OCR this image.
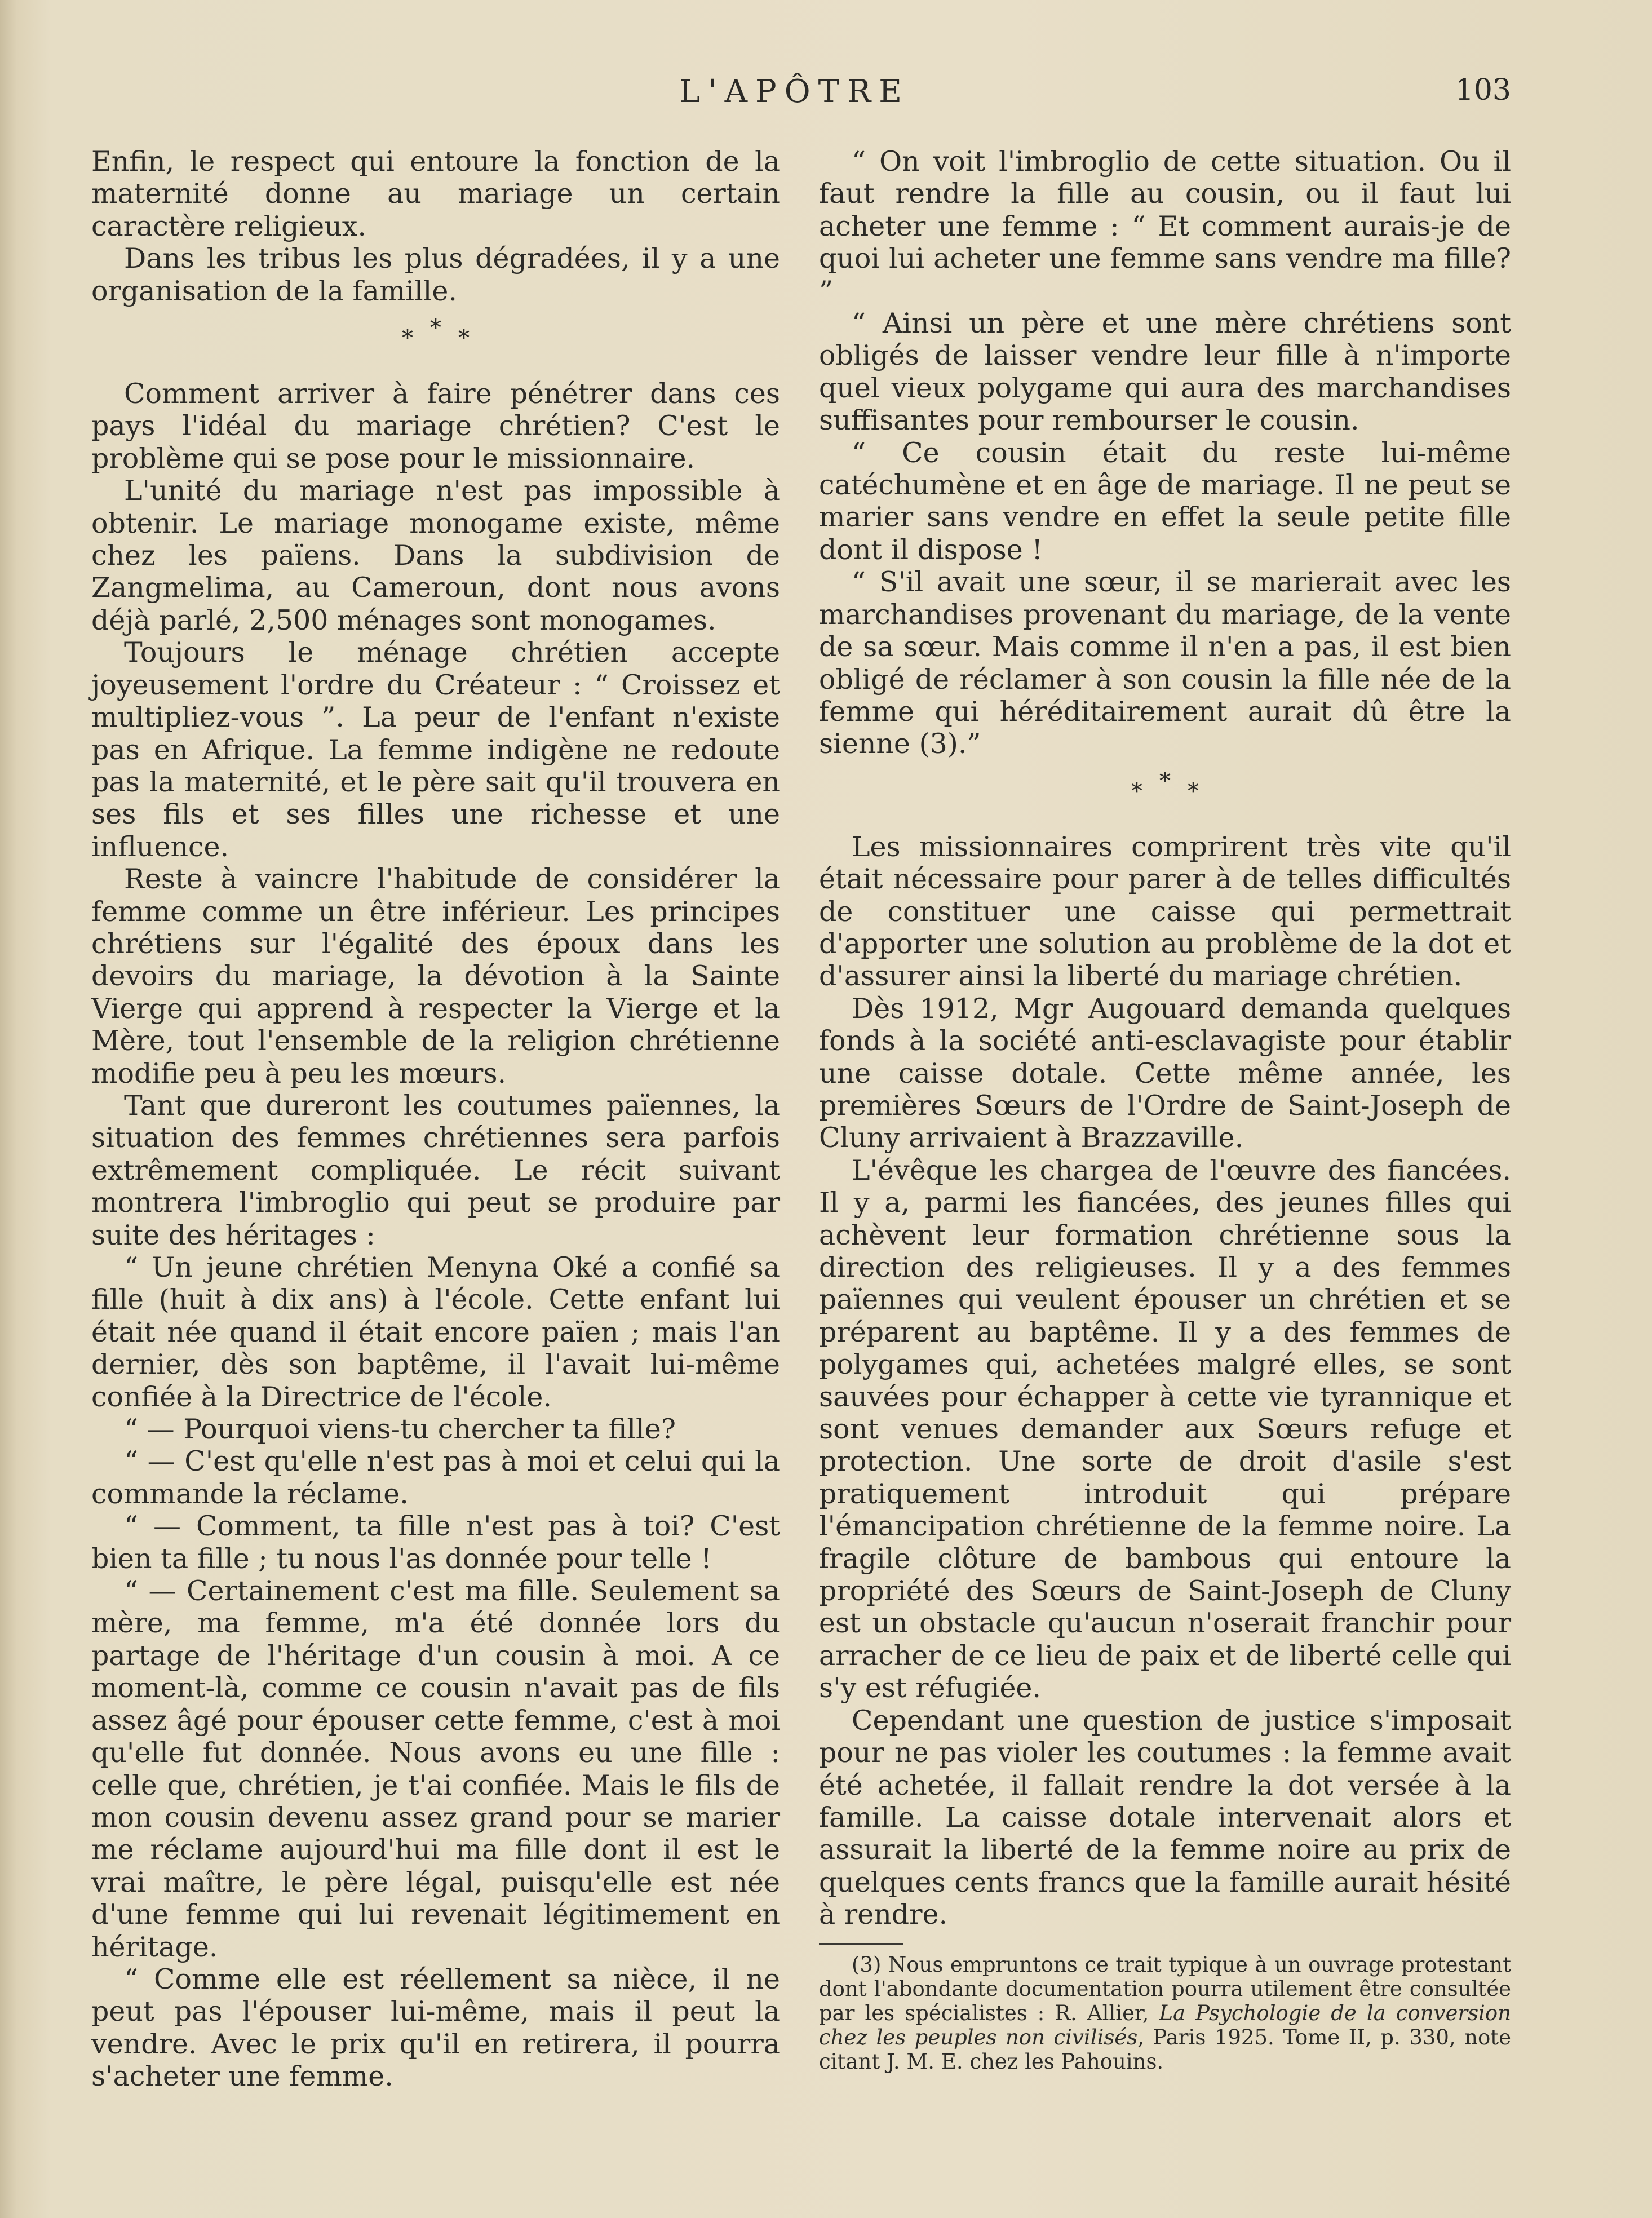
L'APÔTRE	103

Enfin, le respect qui entoure la fonction de la maternité donne au mariage un certain caractère religieux.

Dans les tribus les plus dégradées, il y a une organisation de la famille.

* * *

Comment arriver à faire pénétrer dans ces pays l'idéal du mariage chrétien? C'est le problème qui se pose pour le missionnaire.

L'unité du mariage n'est pas impossible à obtenir. Le mariage monogame existe, même chez les païens. Dans la subdivision de Zangmelima, au Cameroun, dont nous avons déjà parlé, 2,500 ménages sont monogames.

Toujours le ménage chrétien accepte joyeusement l'ordre du Créateur : “ Croissez et multipliez-vous ”. La peur de l'enfant n'existe pas en Afrique. La femme indigène ne redoute pas la maternité, et le père sait qu'il trouvera en ses fils et ses filles une richesse et une influence.

Reste à vaincre l'habitude de considérer la femme comme un être inférieur. Les principes chrétiens sur l'égalité des époux dans les devoirs du mariage, la dévotion à la Sainte Vierge qui apprend à respecter la Vierge et la Mère, tout l'ensemble de la religion chrétienne modifie peu à peu les mœurs.

Tant que dureront les coutumes païennes, la situation des femmes chrétiennes sera parfois extrêmement compliquée. Le récit suivant montrera l'imbroglio qui peut se produire par suite des héritages :

“ Un jeune chrétien Menyna Oké a confié sa fille (huit à dix ans) à l'école. Cette enfant lui était née quand il était encore païen ; mais l'an dernier, dès son baptême, il l'avait lui-même confiée à la Directrice de l'école.

“ — Pourquoi viens-tu chercher ta fille?

“ — C'est qu'elle n'est pas à moi et celui qui la commande la réclame.

“ — Comment, ta fille n'est pas à toi? C'est bien ta fille ; tu nous l'as donnée pour telle !

“ — Certainement c'est ma fille. Seulement sa mère, ma femme, m'a été donnée lors du partage de l'héritage d'un cousin à moi. A ce moment-là, comme ce cousin n'avait pas de fils assez âgé pour épouser cette femme, c'est à moi qu'elle fut donnée. Nous avons eu une fille : celle que, chrétien, je t'ai confiée. Mais le fils de mon cousin devenu assez grand pour se marier me réclame aujourd'hui ma fille dont il est le vrai maître, le père légal, puisqu'elle est née d'une femme qui lui revenait légitimement en héritage.

“ Comme elle est réellement sa nièce, il ne peut pas l'épouser lui-même, mais il peut la vendre. Avec le prix qu'il en retirera, il pourra s'acheter une femme.

“ On voit l'imbroglio de cette situation. Ou il faut rendre la fille au cousin, ou il faut lui acheter une femme : “ Et comment aurais-je de quoi lui acheter une femme sans vendre ma fille? ”

“ Ainsi un père et une mère chrétiens sont obligés de laisser vendre leur fille à n'importe quel vieux polygame qui aura des marchandises suffisantes pour rembourser le cousin.

“ Ce cousin était du reste lui-même catéchumène et en âge de mariage. Il ne peut se marier sans vendre en effet la seule petite fille dont il dispose !

“ S'il avait une sœur, il se marierait avec les marchandises provenant du mariage, de la vente de sa sœur. Mais comme il n'en a pas, il est bien obligé de réclamer à son cousin la fille née de la femme qui héréditairement aurait dû être la sienne (3).”

* * *

Les missionnaires comprirent très vite qu'il était nécessaire pour parer à de telles difficultés de constituer une caisse qui permettrait d'apporter une solution au problème de la dot et d'assurer ainsi la liberté du mariage chrétien.

Dès 1912, Mgr Augouard demanda quelques fonds à la société anti-esclavagiste pour établir une caisse dotale. Cette même année, les premières Sœurs de l'Ordre de Saint-Joseph de Cluny arrivaient à Brazzaville.

L'évêque les chargea de l'œuvre des fiancées. Il y a, parmi les fiancées, des jeunes filles qui achèvent leur formation chrétienne sous la direction des religieuses. Il y a des femmes païennes qui veulent épouser un chrétien et se préparent au baptême. Il y a des femmes de polygames qui, achetées malgré elles, se sont sauvées pour échapper à cette vie tyrannique et sont venues demander aux Sœurs refuge et protection. Une sorte de droit d'asile s'est pratiquement introduit qui prépare l'émancipation chrétienne de la femme noire. La fragile clôture de bambous qui entoure la propriété des Sœurs de Saint-Joseph de Cluny est un obstacle qu'aucun n'oserait franchir pour arracher de ce lieu de paix et de liberté celle qui s'y est réfugiée.

Cependant une question de justice s'imposait pour ne pas violer les coutumes : la femme avait été achetée, il fallait rendre la dot versée à la famille. La caisse dotale intervenait alors et assurait la liberté de la femme noire au prix de quelques cents francs que la famille aurait hésité à rendre.

(3) Nous empruntons ce trait typique à un ouvrage protestant dont l'abondante documentation pourra utilement être consultée par les spécialistes : R. Allier, La Psychologie de la conversion chez les peuples non civilisés, Paris 1925. Tome II, p. 330, note citant J. M. E. chez les Pahouins.
